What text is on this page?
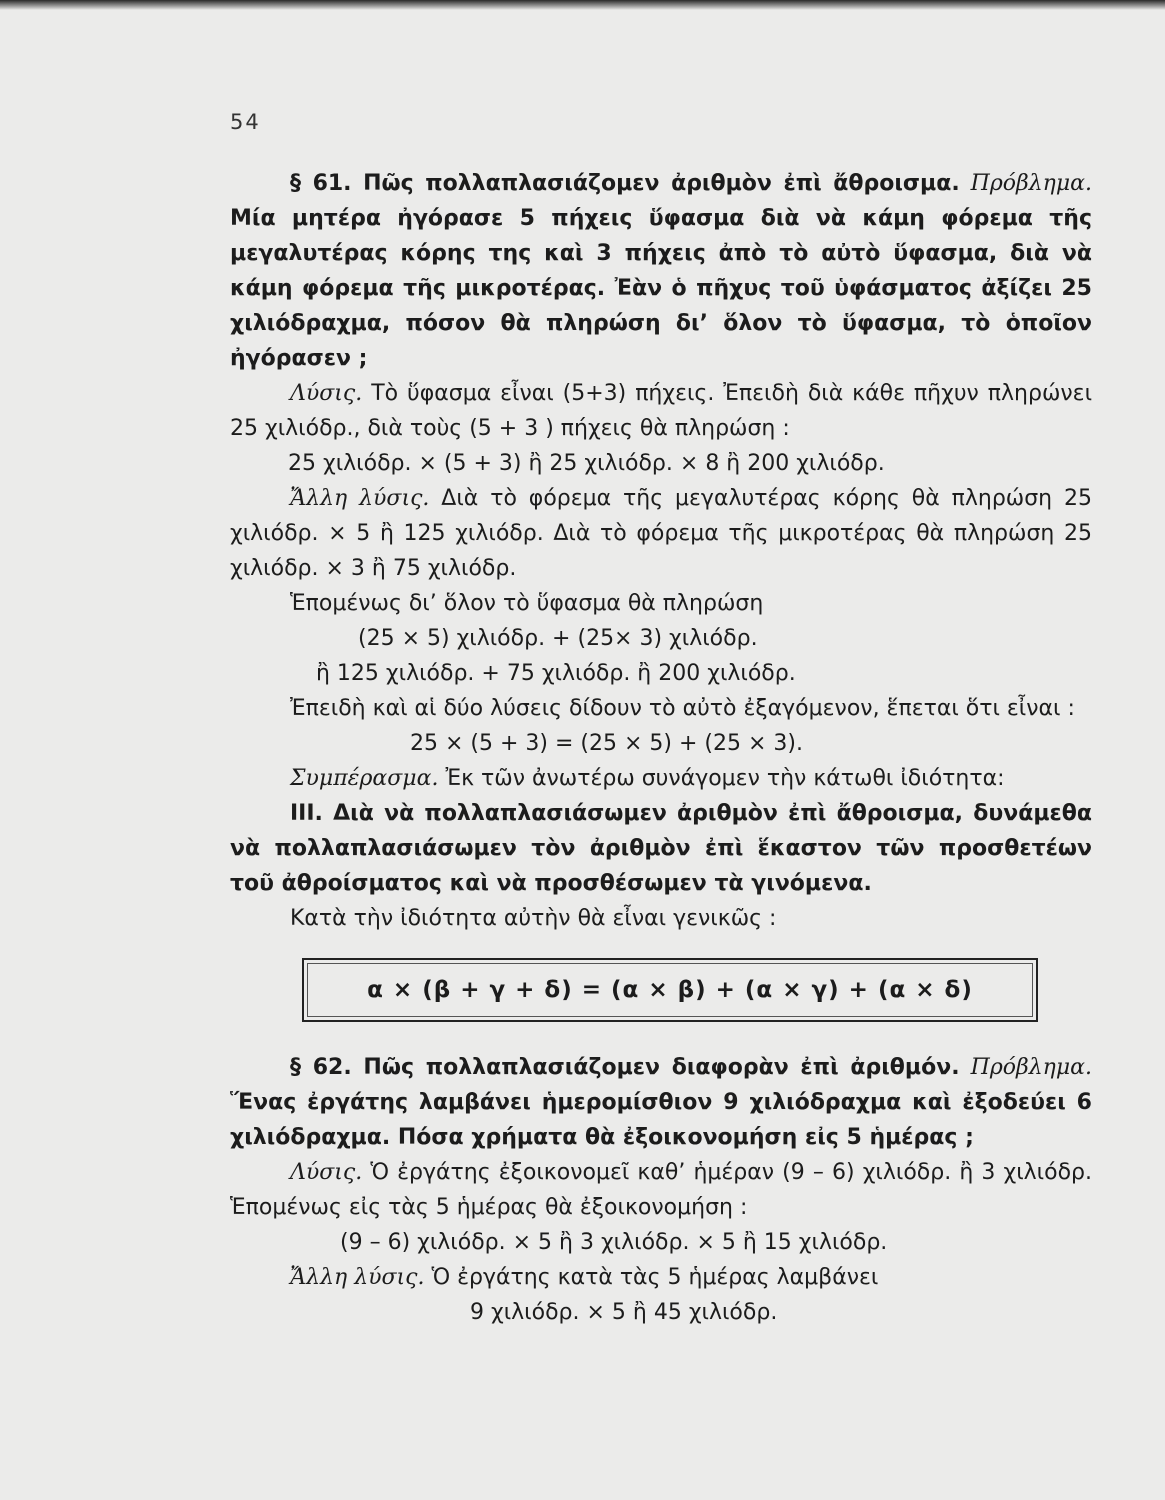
54

§ 61. Πῶς πολλαπλασιάζομεν ἀριθμὸν ἐπὶ ἄθροισμα. Πρόβλημα. Μία μητέρα ἠγόρασε 5 πήχεις ὕφασμα διὰ νὰ κάμη φόρεμα τῆς μεγαλυτέρας κόρης της καὶ 3 πήχεις ἀπὸ τὸ αὐτὸ ὕφασμα, διὰ νὰ κάμη φόρεμα τῆς μικροτέρας. Ἐὰν ὁ πῆχυς τοῦ ὑφάσματος ἀξίζει 25 χιλιόδραχμα, πόσον θὰ πληρώση δι’ ὅλον τὸ ὕφασμα, τὸ ὁποῖον ἠγόρασεν ;

Λύσις. Τὸ ὕφασμα εἶναι (5+3) πήχεις. Ἐπειδὴ διὰ κάθε πῆχυν πληρώνει 25 χιλιόδρ., διὰ τοὺς (5 + 3 ) πήχεις θὰ πληρώση :

25 χιλιόδρ. × (5 + 3) ἢ 25 χιλιόδρ. × 8 ἢ 200 χιλιόδρ.

Ἄλλη λύσις. Διὰ τὸ φόρεμα τῆς μεγαλυτέρας κόρης θὰ πληρώση 25 χιλιόδρ. × 5 ἢ 125 χιλιόδρ. Διὰ τὸ φόρεμα τῆς μικροτέρας θὰ πληρώση 25 χιλιόδρ. × 3 ἢ 75 χιλιόδρ.

Ἑπομένως δι’ ὅλον τὸ ὕφασμα θὰ πληρώση

(25 × 5) χιλιόδρ. + (25× 3) χιλιόδρ.
ἢ 125 χιλιόδρ. + 75 χιλιόδρ. ἢ 200 χιλιόδρ.

Ἐπειδὴ καὶ αἱ δύο λύσεις δίδουν τὸ αὐτὸ ἐξαγόμενον, ἕπεται ὅτι εἶναι :

25 × (5 + 3) = (25 × 5) + (25 × 3).

Συμπέρασμα. Ἐκ τῶν ἀνωτέρω συνάγομεν τὴν κάτωθι ἰδιότητα:

ΙΙΙ. Διὰ νὰ πολλαπλασιάσωμεν ἀριθμὸν ἐπὶ ἄθροισμα, δυνάμεθα νὰ πολλαπλασιάσωμεν τὸν ἀριθμὸν ἐπὶ ἕκαστον τῶν προσθετέων τοῦ ἀθροίσματος καὶ νὰ προσθέσωμεν τὰ γινόμενα.

Κατὰ τὴν ἰδιότητα αὐτὴν θὰ εἶναι γενικῶς :

α × (β + γ + δ) = (α × β) + (α × γ) + (α × δ)

§ 62. Πῶς πολλαπλασιάζομεν διαφορὰν ἐπὶ ἀριθμόν. Πρόβλημα. Ἕνας ἐργάτης λαμβάνει ἡμερομίσθιον 9 χιλιόδραχμα καὶ ἐξοδεύει 6 χιλιόδραχμα. Πόσα χρήματα θὰ ἐξοικονομήση εἰς 5 ἡμέρας ;

Λύσις. Ὁ ἐργάτης ἐξοικονομεῖ καθ’ ἡμέραν (9 – 6) χιλιόδρ. ἢ 3 χιλιόδρ. Ἑπομένως εἰς τὰς 5 ἡμέρας θὰ ἐξοικονομήση :

(9 – 6) χιλιόδρ. × 5 ἢ 3 χιλιόδρ. × 5 ἢ 15 χιλιόδρ.

Ἄλλη λύσις. Ὁ ἐργάτης κατὰ τὰς 5 ἡμέρας λαμβάνει

9 χιλιόδρ. × 5 ἢ 45 χιλιόδρ.
